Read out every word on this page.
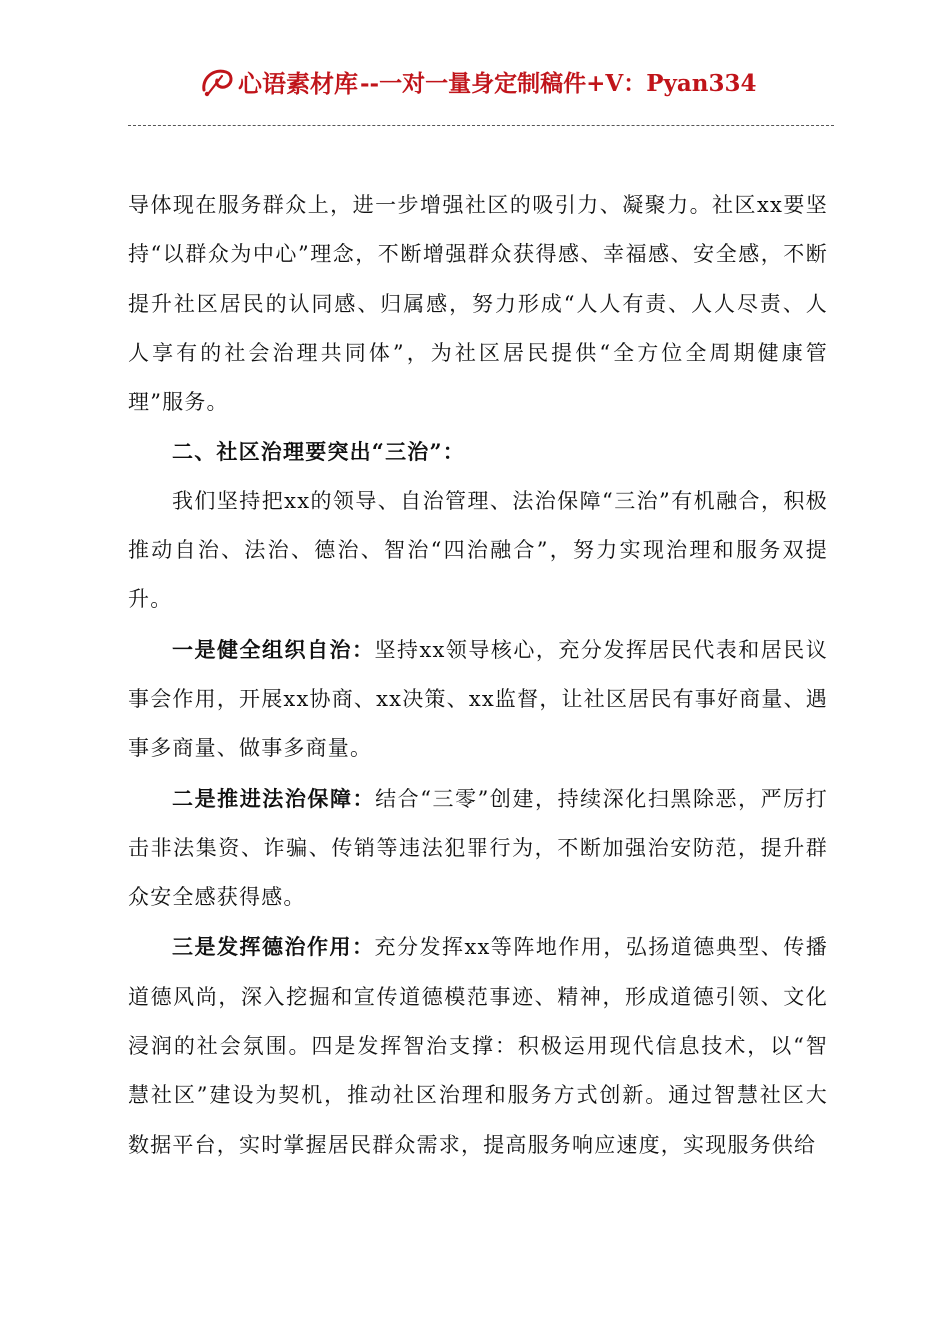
心语素材库 --一对一量身定制稿件+V：Pyan334

导体现在服务群众上，进一步增强社区的吸引力、凝聚力。社区xx要坚持“以群众为中心”理念，不断增强群众获得感、幸福感、安全感，不断提升社区居民的认同感、归属感，努力形成“人人有责、人人尽责、人人享有的社会治理共同体”，为社区居民提供“全方位全周期健康管理”服务。

二、社区治理要突出“三治”：

我们坚持把xx的领导、自治管理、法治保障“三治”有机融合，积极推动自治、法治、德治、智治“四治融合”，努力实现治理和服务双提升。

一是健全组织自治：坚持xx领导核心，充分发挥居民代表和居民议事会作用，开展xx协商、xx决策、xx监督，让社区居民有事好商量、遇事多商量、做事多商量。

二是推进法治保障：结合“三零”创建，持续深化扫黑除恶，严厉打击非法集资、诈骗、传销等违法犯罪行为，不断加强治安防范，提升群众安全感获得感。

三是发挥德治作用：充分发挥xx等阵地作用，弘扬道德典型、传播道德风尚，深入挖掘和宣传道德模范事迹、精神，形成道德引领、文化浸润的社会氛围。四是发挥智治支撑：积极运用现代信息技术，以“智慧社区”建设为契机，推动社区治理和服务方式创新。通过智慧社区大数据平台，实时掌握居民群众需求，提高服务响应速度，实现服务供给
